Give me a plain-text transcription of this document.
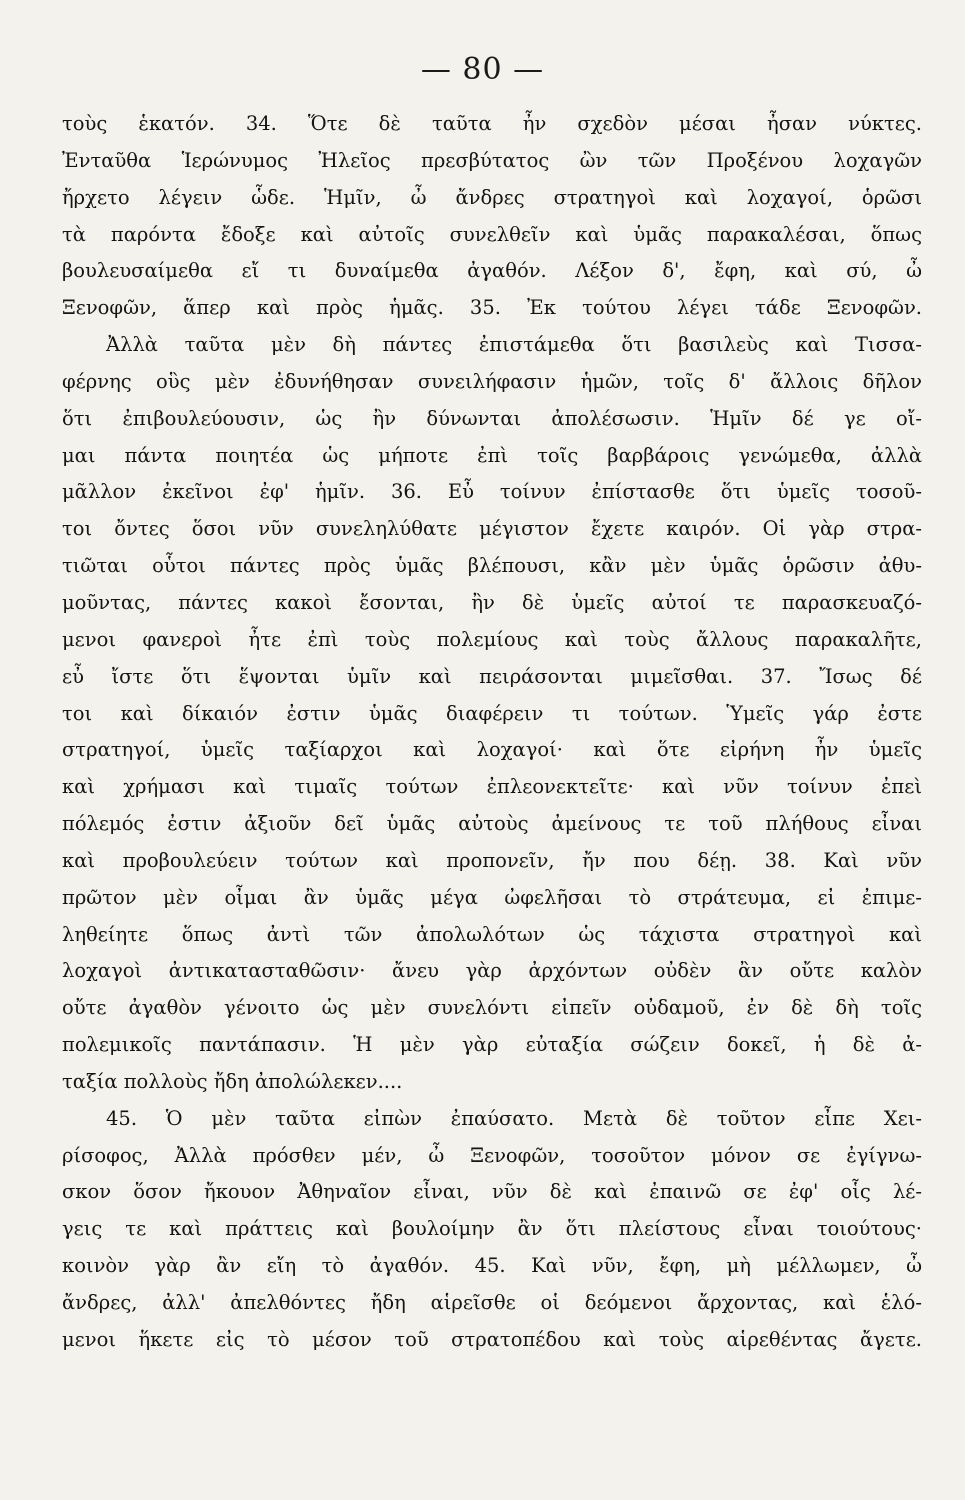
— 80 —
τοὺς ἑκατόν. 34. Ὅτε δὲ ταῦτα ἦν σχεδὸν μέσαι ἦσαν νύκτες.
Ἐνταῦθα Ἱερώνυμος Ἠλεῖος πρεσβύτατος ὢν τῶν Προξένου λοχαγῶν
ἤρχετο λέγειν ὧδε. Ἡμῖν, ὦ ἄνδρες στρατηγοὶ καὶ λοχαγοί, ὁρῶσι
τὰ παρόντα ἔδοξε καὶ αὐτοῖς συνελθεῖν καὶ ὑμᾶς παρακαλέσαι, ὅπως
βουλευσαίμεθα εἴ τι δυναίμεθα ἀγαθόν. Λέξον δ', ἔφη, καὶ σύ, ὦ
Ξενοφῶν, ἅπερ καὶ πρὸς ἡμᾶς. 35. Ἐκ τούτου λέγει τάδε Ξενοφῶν.
Ἀλλὰ ταῦτα μὲν δὴ πάντες ἐπιστάμεθα ὅτι βασιλεὺς καὶ Τισσα-
φέρνης οὓς μὲν ἐδυνήθησαν συνειλήφασιν ἡμῶν, τοῖς δ' ἄλλοις δῆλον
ὅτι ἐπιβουλεύουσιν, ὡς ἢν δύνωνται ἀπολέσωσιν. Ἡμῖν δέ γε οἴ-
μαι πάντα ποιητέα ὡς μήποτε ἐπὶ τοῖς βαρβάροις γενώμεθα, ἀλλὰ
μᾶλλον ἐκεῖνοι ἐφ' ἡμῖν. 36. Εὖ τοίνυν ἐπίστασθε ὅτι ὑμεῖς τοσοῦ-
τοι ὄντες ὅσοι νῦν συνεληλύθατε μέγιστον ἔχετε καιρόν. Οἱ γὰρ στρα-
τιῶται οὗτοι πάντες πρὸς ὑμᾶς βλέπουσι, κἂν μὲν ὑμᾶς ὁρῶσιν ἀθυ-
μοῦντας, πάντες κακοὶ ἔσονται, ἢν δὲ ὑμεῖς αὐτοί τε παρασκευαζό-
μενοι φανεροὶ ἦτε ἐπὶ τοὺς πολεμίους καὶ τοὺς ἄλλους παρακαλῆτε,
εὖ ἴστε ὅτι ἕψονται ὑμῖν καὶ πειράσονται μιμεῖσθαι. 37. Ἴσως δέ
τοι καὶ δίκαιόν ἐστιν ὑμᾶς διαφέρειν τι τούτων. Ὑμεῖς γάρ ἐστε
στρατηγοί, ὑμεῖς ταξίαρχοι καὶ λοχαγοί· καὶ ὅτε εἰρήνη ἦν ὑμεῖς
καὶ χρήμασι καὶ τιμαῖς τούτων ἐπλεονεκτεῖτε· καὶ νῦν τοίνυν ἐπεὶ
πόλεμός ἐστιν ἀξιοῦν δεῖ ὑμᾶς αὐτοὺς ἀμείνους τε τοῦ πλήθους εἶναι
καὶ προβουλεύειν τούτων καὶ προπονεῖν, ἤν που δέῃ. 38. Καὶ νῦν
πρῶτον μὲν οἶμαι ἂν ὑμᾶς μέγα ὠφελῆσαι τὸ στράτευμα, εἰ ἐπιμε-
ληθείητε ὅπως ἀντὶ τῶν ἀπολωλότων ὡς τάχιστα στρατηγοὶ καὶ
λοχαγοὶ ἀντικατασταθῶσιν· ἄνευ γὰρ ἀρχόντων οὐδὲν ἂν οὔτε καλὸν
οὔτε ἀγαθὸν γένοιτο ὡς μὲν συνελόντι εἰπεῖν οὐδαμοῦ, ἐν δὲ δὴ τοῖς
πολεμικοῖς παντάπασιν. Ἡ μὲν γὰρ εὐταξία σώζειν δοκεῖ, ἡ δὲ ἀ-
ταξία πολλοὺς ἤδη ἀπολώλεκεν....
45. Ὁ μὲν ταῦτα εἰπὼν ἐπαύσατο. Μετὰ δὲ τοῦτον εἶπε Χει-
ρίσοφος, Ἀλλὰ πρόσθεν μέν, ὦ Ξενοφῶν, τοσοῦτον μόνον σε ἐγίγνω-
σκον ὅσον ἤκουον Ἀθηναῖον εἶναι, νῦν δὲ καὶ ἐπαινῶ σε ἐφ' οἷς λέ-
γεις τε καὶ πράττεις καὶ βουλοίμην ἂν ὅτι πλείστους εἶναι τοιούτους·
κοινὸν γὰρ ἂν εἴη τὸ ἀγαθόν. 45. Καὶ νῦν, ἔφη, μὴ μέλλωμεν, ὦ
ἄνδρες, ἀλλ' ἀπελθόντες ἤδη αἱρεῖσθε οἱ δεόμενοι ἄρχοντας, καὶ ἑλό-
μενοι ἥκετε εἰς τὸ μέσον τοῦ στρατοπέδου καὶ τοὺς αἱρεθέντας ἄγετε.
